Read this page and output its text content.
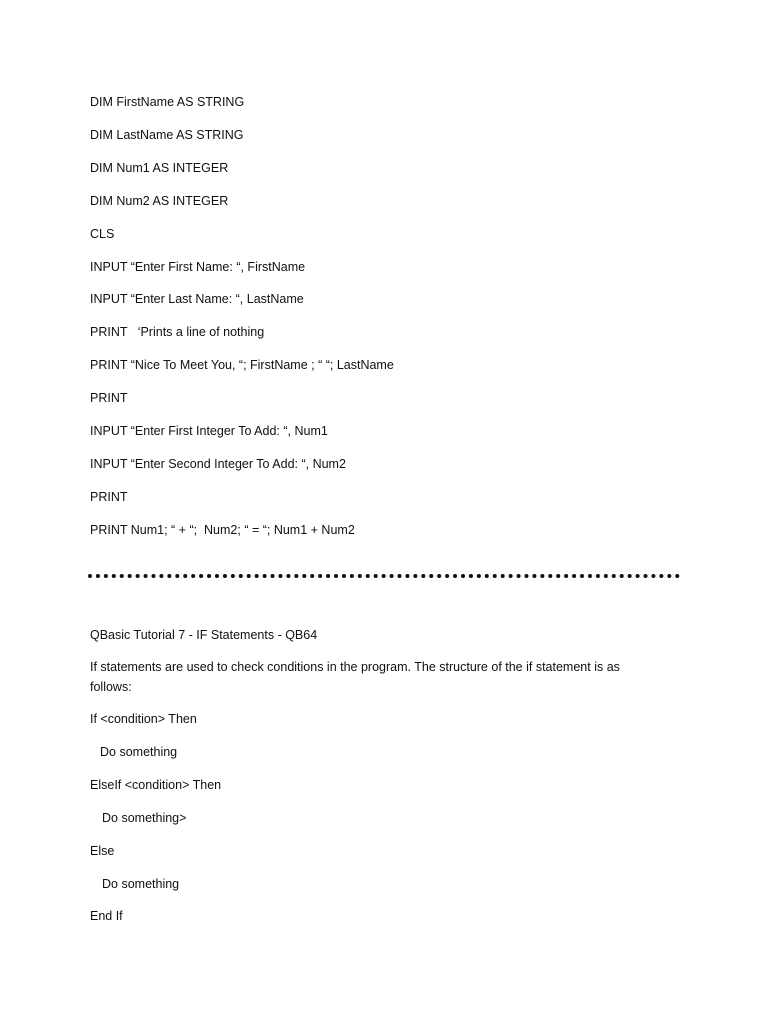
DIM FirstName AS STRING
DIM LastName AS STRING
DIM Num1 AS INTEGER
DIM Num2 AS INTEGER
CLS
INPUT “Enter First Name: “, FirstName
INPUT “Enter Last Name: “, LastName
PRINT   ‘Prints a line of nothing
PRINT “Nice To Meet You, “; FirstName ; “ “; LastName
PRINT
INPUT “Enter First Integer To Add: “, Num1
INPUT “Enter Second Integer To Add: “, Num2
PRINT
PRINT Num1; “ + “;  Num2; “ = “; Num1 + Num2
QBasic Tutorial 7 - IF Statements - QB64
If statements are used to check conditions in the program. The structure of the if statement is as follows:
If <condition> Then
Do something
ElseIf <condition> Then
Do something>
Else
Do something
End If
